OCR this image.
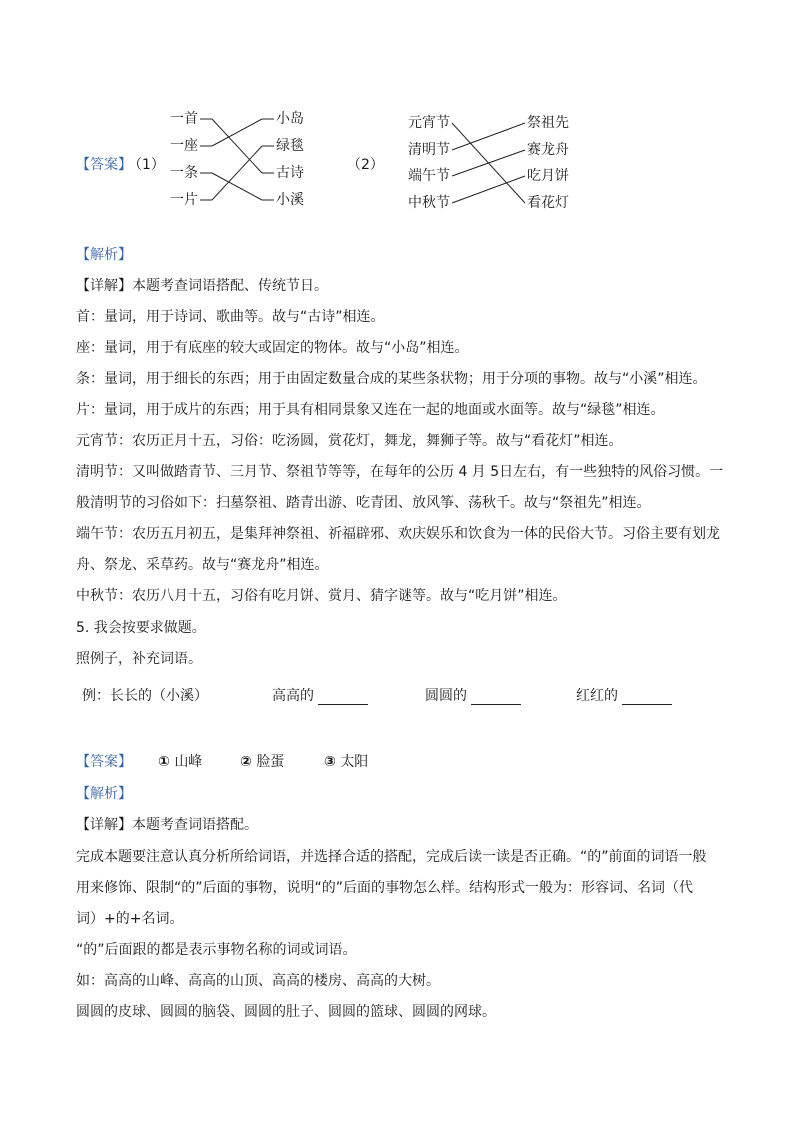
【答案】
（1）
一首
一座
一条
一片
小岛
绿毯
古诗
小溪
（2）
元宵节
清明节
端午节
中秋节
祭祖先
赛龙舟
吃月饼
看花灯
【解析】
【详解】本题考查词语搭配、传统节日。
首：量词，用于诗词、歌曲等。故与“古诗”相连。
座：量词，用于有底座的较大或固定的物体。故与“小岛”相连。
条：量词，用于细长的东西；用于由固定数量合成的某些条状物；用于分项的事物。故与“小溪”相连。
片：量词，用于成片的东西；用于具有相同景象又连在一起的地面或水面等。故与“绿毯”相连。
元宵节：农历正月十五，习俗：吃汤圆，赏花灯，舞龙，舞狮子等。故与“看花灯”相连。
清明节：又叫做踏青节、三月节、祭祖节等等，在每年的公历 4 月 5日左右，有一些独特的风俗习惯。一
般清明节的习俗如下：扫墓祭祖、踏青出游、吃青团、放风筝、荡秋千。故与“祭祖先”相连。
端午节：农历五月初五，是集拜神祭祖、祈福辟邪、欢庆娱乐和饮食为一体的民俗大节。习俗主要有划龙
舟、祭龙、采草药。故与“赛龙舟”相连。
中秋节：农历八月十五，习俗有吃月饼、赏月、猜字谜等。故与“吃月饼”相连。
5. 我会按要求做题。
照例子，补充词语。
例：长长的（小溪）	高高的	圆圆的	红红的
【答案】 ① 山峰	② 脸蛋	③ 太阳
【解析】
【详解】本题考查词语搭配。
完成本题要注意认真分析所给词语，并选择合适的搭配，完成后读一读是否正确。“的”前面的词语一般
用来修饰、限制“的”后面的事物，说明“的”后面的事物怎么样。结构形式一般为：形容词、名词（代
词）+的+名词。
“的”后面跟的都是表示事物名称的词或词语。
如：高高的山峰、高高的山顶、高高的楼房、高高的大树。
圆圆的皮球、圆圆的脑袋、圆圆的肚子、圆圆的篮球、圆圆的网球。
